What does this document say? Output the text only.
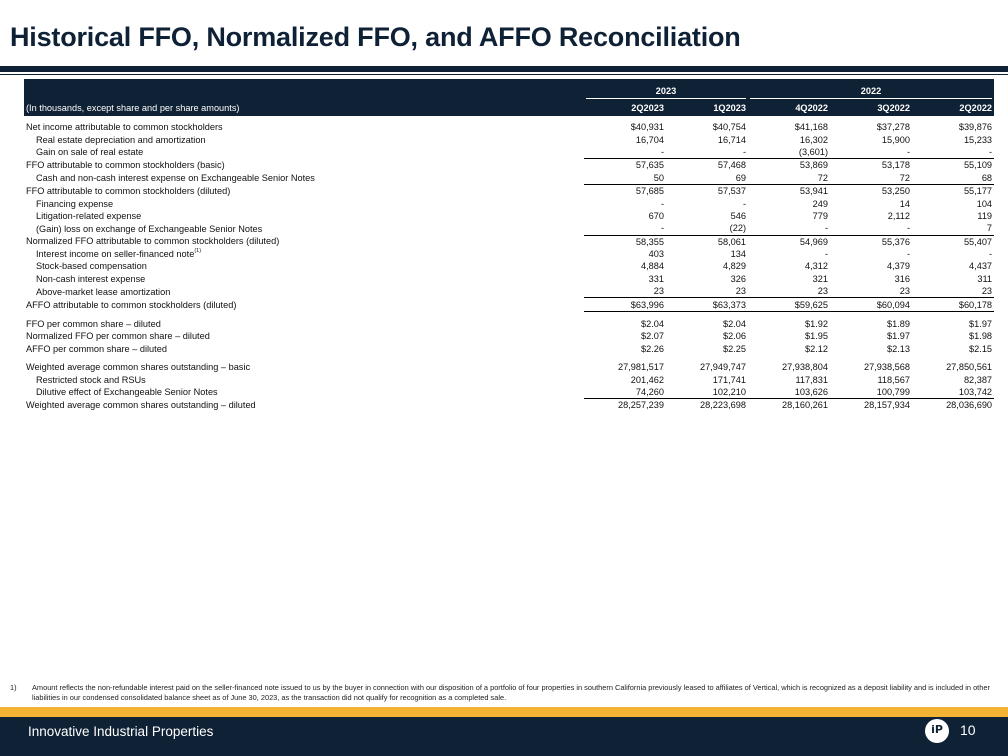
Historical FFO, Normalized FFO, and AFFO Reconciliation

	2023		2022		

(In thousands, except share and per share amounts)	2Q2023	1Q2023	4Q2022	3Q2022	2Q2022
Net income attributable to common stockholders	$40,931	$40,754	$41,168	$37,278	$39,876
Real estate depreciation and amortization	16,704	16,714	16,302	15,900	15,233
Gain on sale of real estate	-	-	(3,601)	-	-
FFO attributable to common stockholders (basic)	57,635	57,468	53,869	53,178	55,109
Cash and non-cash interest expense on Exchangeable Senior Notes	50	69	72	72	68
FFO attributable to common stockholders (diluted)	57,685	57,537	53,941	53,250	55,177
Financing expense	-	-	249	14	104
Litigation-related expense	670	546	779	2,112	119
(Gain) loss on exchange of Exchangeable Senior Notes	-	(22)	-	-	7
Normalized FFO attributable to common stockholders (diluted)	58,355	58,061	54,969	55,376	55,407
Interest income on seller-financed note$^{(1)}$	403	134	-	-	-
Stock-based compensation	4,884	4,829	4,312	4,379	4,437
Non-cash interest expense	331	326	321	316	311
Above-market lease amortization	23	23	23	23	23
AFFO attributable to common stockholders (diluted)	$63,996	$63,373	$59,625	$60,094	$60,178

FFO per common share – diluted	$2.04	$2.04	$1.92	$1.89	$1.97
Normalized FFO per common share – diluted	$2.07	$2.06	$1.95	$1.97	$1.98
AFFO per common share – diluted	$2.26	$2.25	$2.12	$2.13	$2.15

Weighted average common shares outstanding – basic	27,981,517	27,949,747	27,938,804	27,938,568	27,850,561
Restricted stock and RSUs	201,462	171,741	117,831	118,567	82,387
Dilutive effect of Exchangeable Senior Notes	74,260	102,210	103,626	100,799	103,742
Weighted average common shares outstanding – diluted	28,257,239	28,223,698	28,160,261	28,157,934	28,036,690
1) Amount reflects the non-refundable interest paid on the seller-financed note issued to us by the buyer in connection with our disposition of a portfolio of four properties in southern California previously leased to affiliates of Vertical, which is recognized as a deposit liability and is included in other liabilities in our condensed consolidated balance sheet as of June 30, 2023, as the transaction did not qualify for recognition as a completed sale.
Innovative Industrial Properties	iP	10
